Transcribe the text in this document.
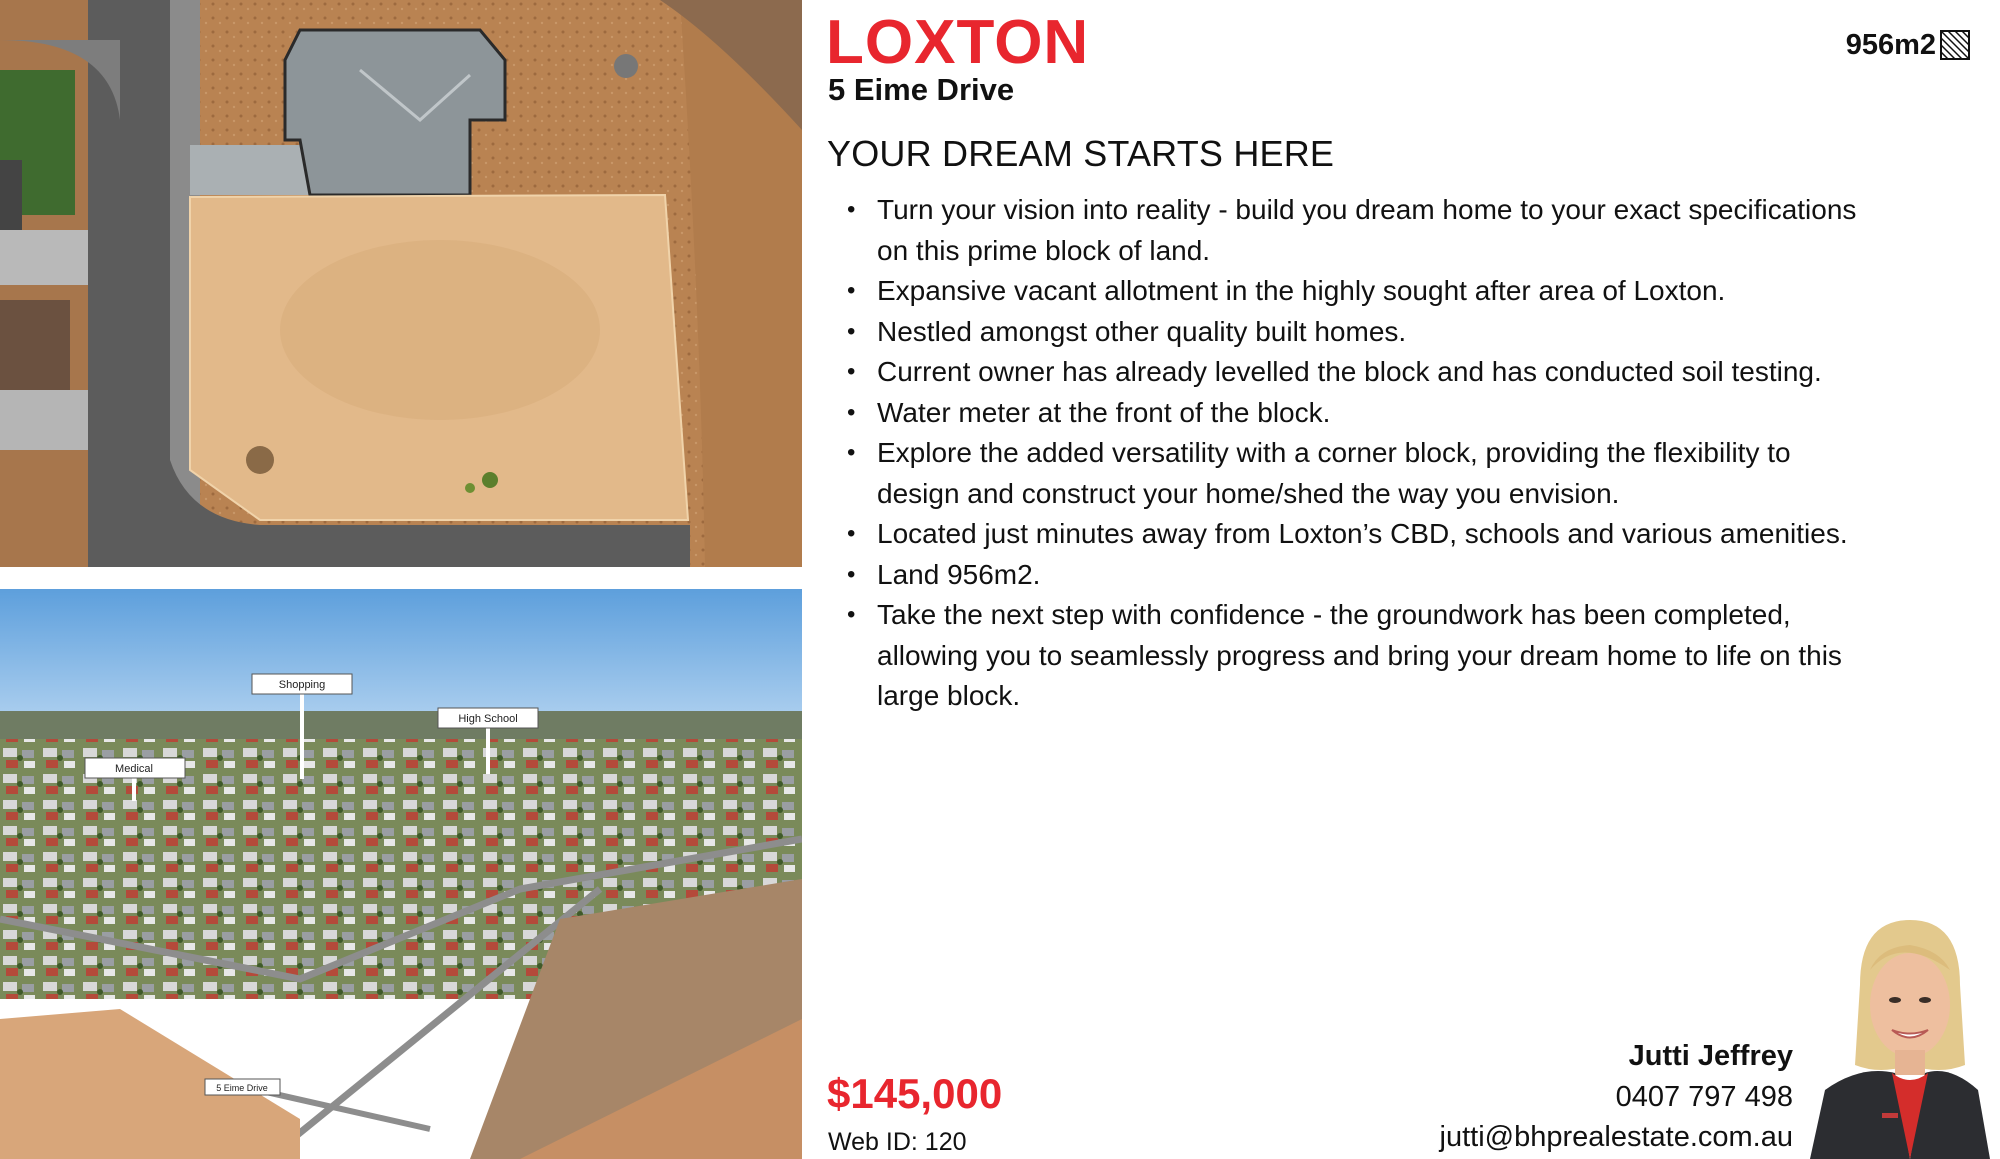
Shopping
High School
Medical
5 Eime Drive
LOXTON
5 Eime Drive
956m2
YOUR DREAM STARTS HERE
• Turn your vision into reality - build you dream home to your exact specifications on this prime block of land.
• Expansive vacant allotment in the highly sought after area of Loxton.
• Nestled amongst other quality built homes.
• Current owner has already levelled the block and has conducted soil testing.
• Water meter at the front of the block.
• Explore the added versatility with a corner block, providing the flexibility to design and construct your home/shed the way you envision.
• Located just minutes away from Loxton’s CBD, schools and various amenities.
• Land 956m2.
• Take the next step with confidence - the groundwork has been completed, allowing you to seamlessly progress and bring your dream home to life on this large block.
$145,000
Web ID: 120
Jutti Jeffrey
0407 797 498
jutti@bhprealestate.com.au
